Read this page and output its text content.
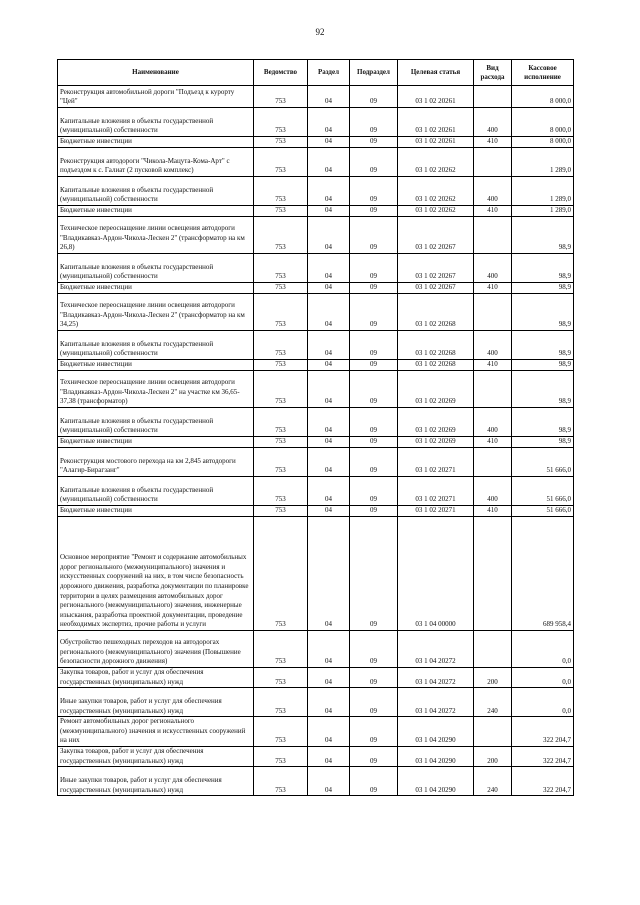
92
Наименование	Ведомство	Раздел	Подраздел	Целевая статья	Вид расхода	Кассовое исполнение
Реконструкция автомобильной дороги "Подъезд к курорту "Цей"	753	04	09	03 1 02 20261		8 000,0
Капитальные вложения в объекты государственной (муниципальной) собственности	753	04	09	03 1 02 20261	400	8 000,0
Бюджетные инвестиции	753	04	09	03 1 02 20261	410	8 000,0
Реконструкция автодороги "Чикола-Мацута-Кома-Арт" с подъездом к с. Галиат (2 пусковой комплекс)	753	04	09	03 1 02 20262		1 289,0
Капитальные вложения в объекты государственной (муниципальной) собственности	753	04	09	03 1 02 20262	400	1 289,0
Бюджетные инвестиции	753	04	09	03 1 02 20262	410	1 289,0
Техническое переоснащение линии освещения автодороги "Владикавказ-Ардон-Чикола-Лескен 2" (трансформатор на км 26,8)	753	04	09	03 1 02 20267		98,9
Капитальные вложения в объекты государственной (муниципальной) собственности	753	04	09	03 1 02 20267	400	98,9
Бюджетные инвестиции	753	04	09	03 1 02 20267	410	98,9
Техническое переоснащение линии освещения автодороги "Владикавказ-Ардон-Чикола-Лескен 2" (трансформатор на км 34,25)	753	04	09	03 1 02 20268		98,9
Капитальные вложения в объекты государственной (муниципальной) собственности	753	04	09	03 1 02 20268	400	98,9
Бюджетные инвестиции	753	04	09	03 1 02 20268	410	98,9
Техническое переоснащение линии освещения автодороги "Владикавказ-Ардон-Чикола-Лескен 2" на участке км 36,65-37,38 (трансформатор)	753	04	09	03 1 02 20269		98,9
Капитальные вложения в объекты государственной (муниципальной) собственности	753	04	09	03 1 02 20269	400	98,9
Бюджетные инвестиции	753	04	09	03 1 02 20269	410	98,9
Реконструкция мостового перехода на км 2,845 автодороги "Алагир-Бирагзанг"	753	04	09	03 1 02 20271		51 666,0
Капитальные вложения в объекты государственной (муниципальной) собственности	753	04	09	03 1 02 20271	400	51 666,0
Бюджетные инвестиции	753	04	09	03 1 02 20271	410	51 666,0
Основное мероприятие "Ремонт и содержание автомобильных дорог регионального (межмуниципального) значения и искусственных сооружений на них, в том числе безопасность дорожного движения, разработка документации по планировке территории в целях размещения автомобильных дорог регионального (межмуниципального) значения, инженерные изыскания, разработка проектной документации, проведение необходимых экспертиз, прочие работы и услуги	753	04	09	03 1 04 00000		689 958,4
Обустройство пешеходных переходов на автодорогах регионального (межмуниципального) значения (Повышение безопасности дорожного движения)	753	04	09	03 1 04 20272		0,0
Закупка товаров, работ и услуг для обеспечения государственных (муниципальных) нужд	753	04	09	03 1 04 20272	200	0,0
Иные закупки товаров, работ и услуг для обеспечения государственных (муниципальных) нужд	753	04	09	03 1 04 20272	240	0,0
Ремонт автомобильных дорог регионального (межмуниципального) значения и искусственных сооружений на них	753	04	09	03 1 04 20290		322 204,7
Закупка товаров, работ и услуг для обеспечения государственных (муниципальных) нужд	753	04	09	03 1 04 20290	200	322 204,7
Иные закупки товаров, работ и услуг для обеспечения государственных (муниципальных) нужд	753	04	09	03 1 04 20290	240	322 204,7
